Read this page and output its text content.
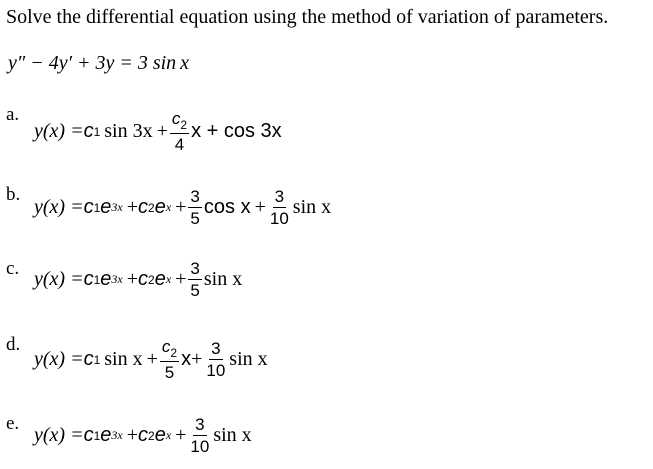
Solve the differential equation using the method of variation of parameters.
y″ − 4y′ + 3y = 3 sin x
a.
y(x) = c 1 $\sin 3x + \frac{c_2}{4}$ x + cos 3x
b.
y(x) = c 1 e 3x + c 2 e $x + \frac{3}{5}$ $\cos x + \frac{3}{10}$ sin x
c. y(x) = c 1 e 3x + c 2 e $x + \frac{3}{5}$ sin x
d.
y(x) = c 1 $\sin x + \frac{c_2}{5}$ $x + \frac{3}{10}$ sin x
e.
y(x) = c 1 e 3x + c 2 e $x + \frac{3}{10}$ sin x
